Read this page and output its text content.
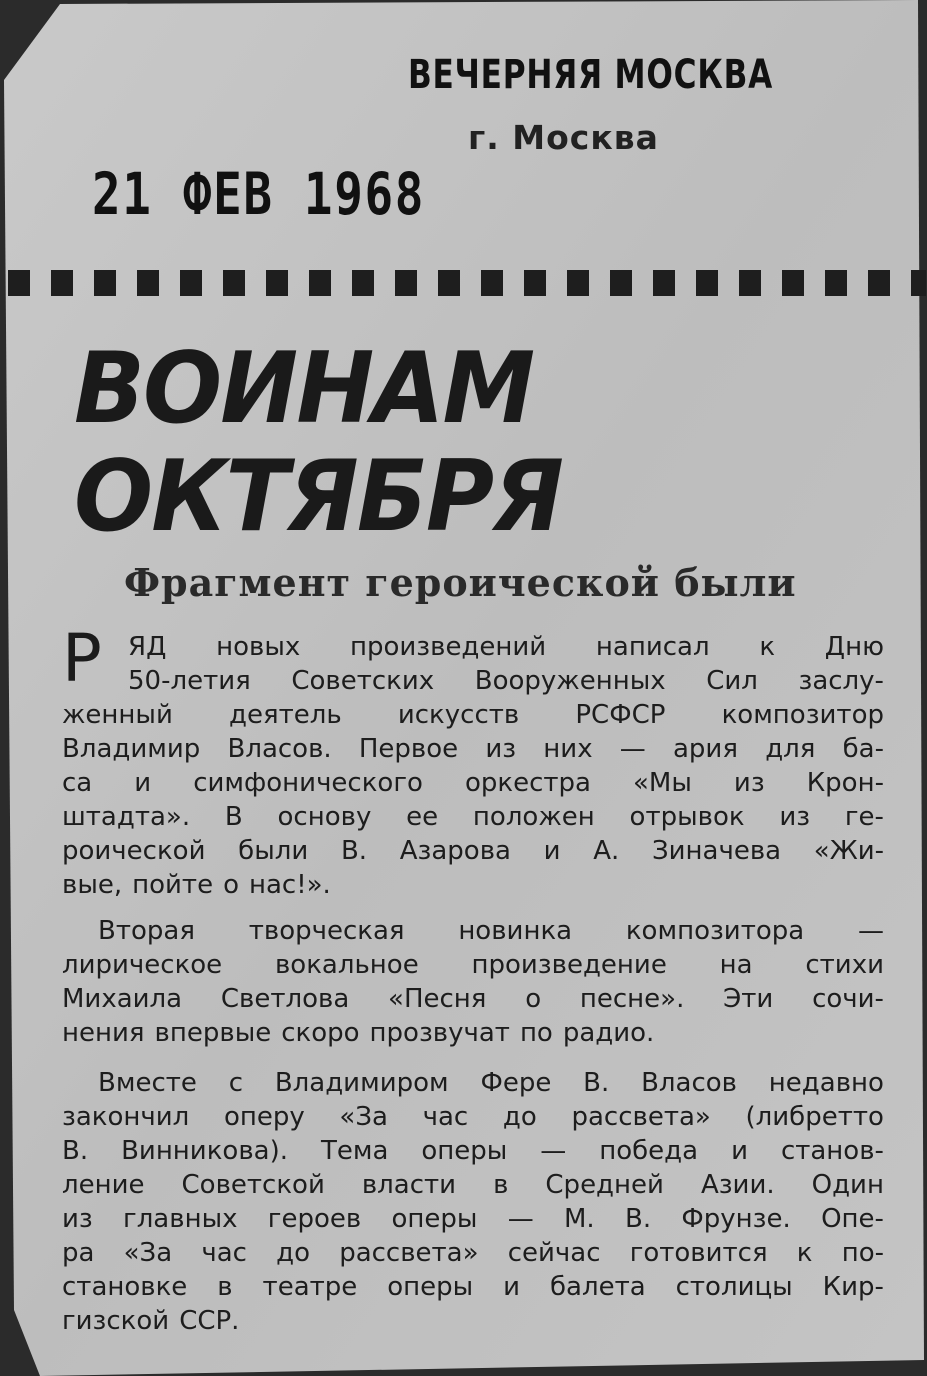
ВЕЧЕРНЯЯ МОСКВА
г. Москва
21 ФЕВ 1968
ВОИНАМ
ОКТЯБРЯ
Фрагмент героической были
Р ЯД новых произведений написал к Дню
50-летия Советских Вооруженных Сил заслу-
женный деятель искусств РСФСР композитор
Владимир Власов. Первое из них — ария для ба-
са и симфонического оркестра «Мы из Крон-
штадта». В основу ее положен отрывок из ге-
роической были В. Азарова и А. Зиначева «Жи-
вые, пойте о нас!».
Вторая творческая новинка композитора —
лирическое вокальное произведение на стихи
Михаила Светлова «Песня о песне». Эти сочи-
нения впервые скоро прозвучат по радио.
Вместе с Владимиром Фере В. Власов недавно
закончил оперу «За час до рассвета» (либретто
В. Винникова). Тема оперы — победа и станов-
ление Советской власти в Средней Азии. Один
из главных героев оперы — М. В. Фрунзе. Опе-
ра «За час до рассвета» сейчас готовится к по-
становке в театре оперы и балета столицы Кир-
гизской ССР.
